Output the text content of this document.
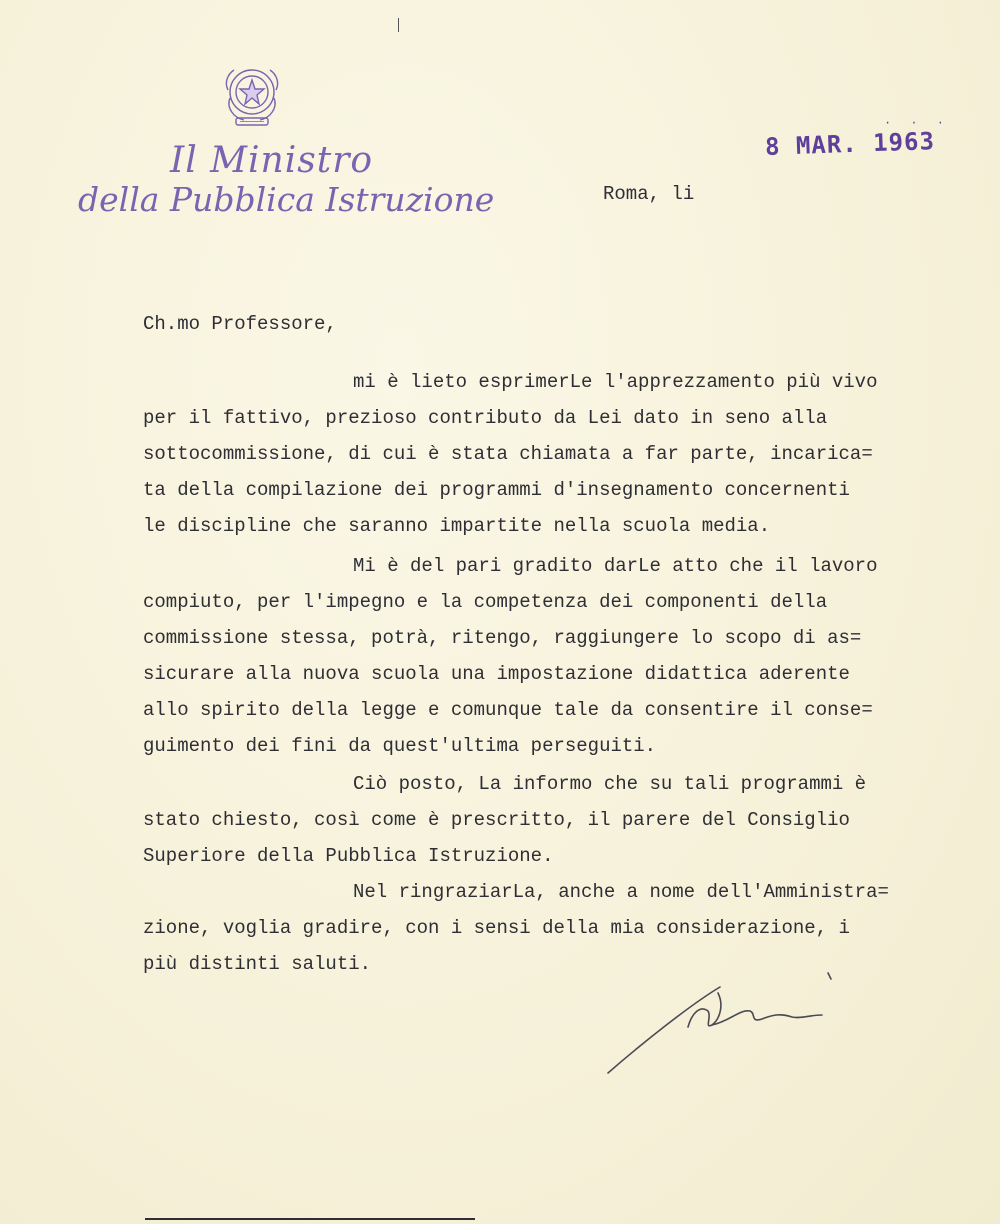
Il Ministro
della Pubblica Istruzione
· · ·
8 MAR. 1963
Roma, li
Ch.mo Professore,
mi è lieto esprimerLe l'apprezzamento più vivo
per il fattivo, prezioso contributo da Lei dato in seno alla
sottocommissione, di cui è stata chiamata a far parte, incarica=
ta della compilazione dei programmi d'insegnamento concernenti
le discipline che saranno impartite nella scuola media.
Mi è del pari gradito darLe atto che il lavoro
compiuto, per l'impegno e la competenza dei componenti della
commissione stessa, potrà, ritengo, raggiungere lo scopo di as=
sicurare alla nuova scuola una impostazione didattica aderente
allo spirito della legge e comunque tale da consentire il conse=
guimento dei fini da quest'ultima perseguiti.
Ciò posto, La informo che su tali programmi è
stato chiesto, così come è prescritto, il parere del Consiglio
Superiore della Pubblica Istruzione.
Nel ringraziarLa, anche a nome dell'Amministra=
zione, voglia gradire, con i sensi della mia considerazione, i
più distinti saluti.
